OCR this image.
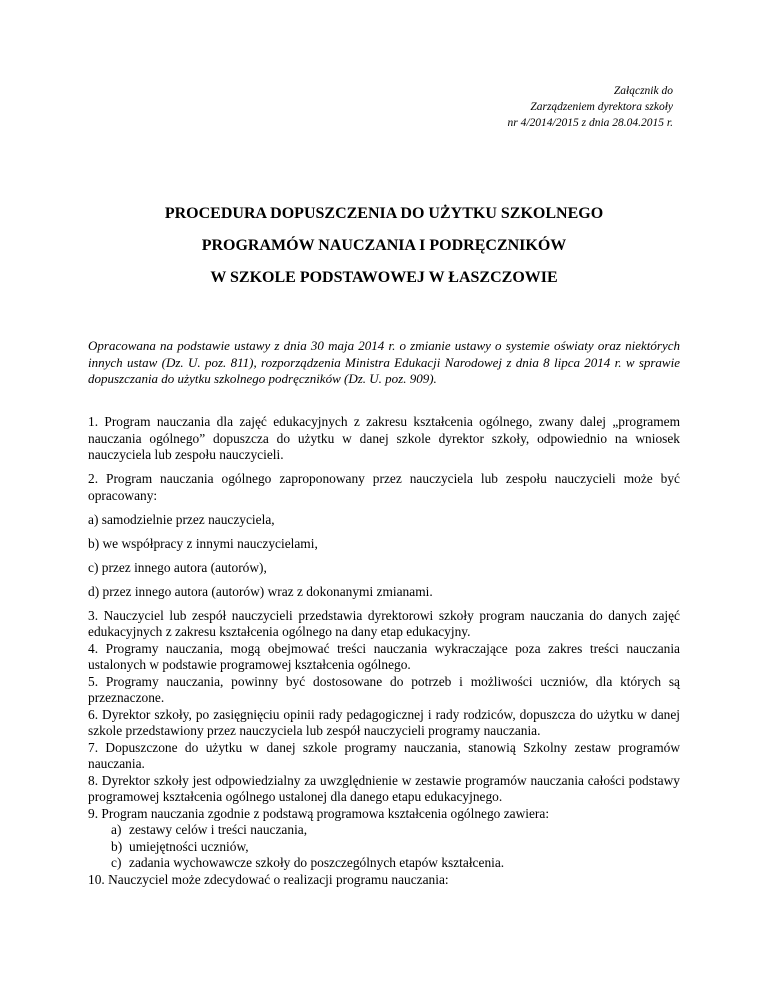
Załącznik do
Zarządzeniem dyrektora szkoły
nr 4/2014/2015 z dnia 28.04.2015 r.
PROCEDURA DOPUSZCZENIA DO UŻYTKU SZKOLNEGO
PROGRAMÓW NAUCZANIA I PODRĘCZNIKÓW
W SZKOLE PODSTAWOWEJ W ŁASZCZOWIE
Opracowana na podstawie ustawy z dnia 30 maja 2014 r. o zmianie ustawy o systemie oświaty oraz niektórych innych ustaw (Dz. U. poz. 811), rozporządzenia Ministra Edukacji Narodowej z dnia 8 lipca 2014 r. w sprawie dopuszczania do użytku szkolnego podręczników (Dz. U. poz. 909).

1. Program nauczania dla zajęć edukacyjnych z zakresu kształcenia ogólnego, zwany dalej „programem nauczania ogólnego” dopuszcza do użytku w danej szkole dyrektor szkoły, odpowiednio na wniosek nauczyciela lub zespołu nauczycieli.

2. Program nauczania ogólnego zaproponowany przez nauczyciela lub zespołu nauczycieli może być opracowany:

a) samodzielnie przez nauczyciela,

b) we współpracy z innymi nauczycielami,

c) przez innego autora (autorów),

d) przez innego autora (autorów) wraz z dokonanymi zmianami.

3. Nauczyciel lub zespół nauczycieli przedstawia dyrektorowi szkoły program nauczania do danych zajęć edukacyjnych z zakresu kształcenia ogólnego na dany etap edukacyjny.

4. Programy nauczania, mogą obejmować treści nauczania wykraczające poza zakres treści nauczania ustalonych w podstawie programowej kształcenia ogólnego.

5. Programy nauczania, powinny być dostosowane do potrzeb i możliwości uczniów, dla których są przeznaczone.

6. Dyrektor szkoły, po zasięgnięciu opinii rady pedagogicznej i rady rodziców, dopuszcza do użytku w danej szkole przedstawiony przez nauczyciela lub zespół nauczycieli programy nauczania.

7. Dopuszczone do użytku w danej szkole programy nauczania, stanowią Szkolny zestaw programów nauczania.

8. Dyrektor szkoły jest odpowiedzialny za uwzględnienie w zestawie programów nauczania całości podstawy programowej kształcenia ogólnego ustalonej dla danego etapu edukacyjnego.

9. Program nauczania zgodnie z podstawą programowa kształcenia ogólnego zawiera:

a) zestawy celów i treści nauczania,

b) umiejętności uczniów,

c) zadania wychowawcze szkoły do poszczególnych etapów kształcenia.

10. Nauczyciel może zdecydować o realizacji programu nauczania:
